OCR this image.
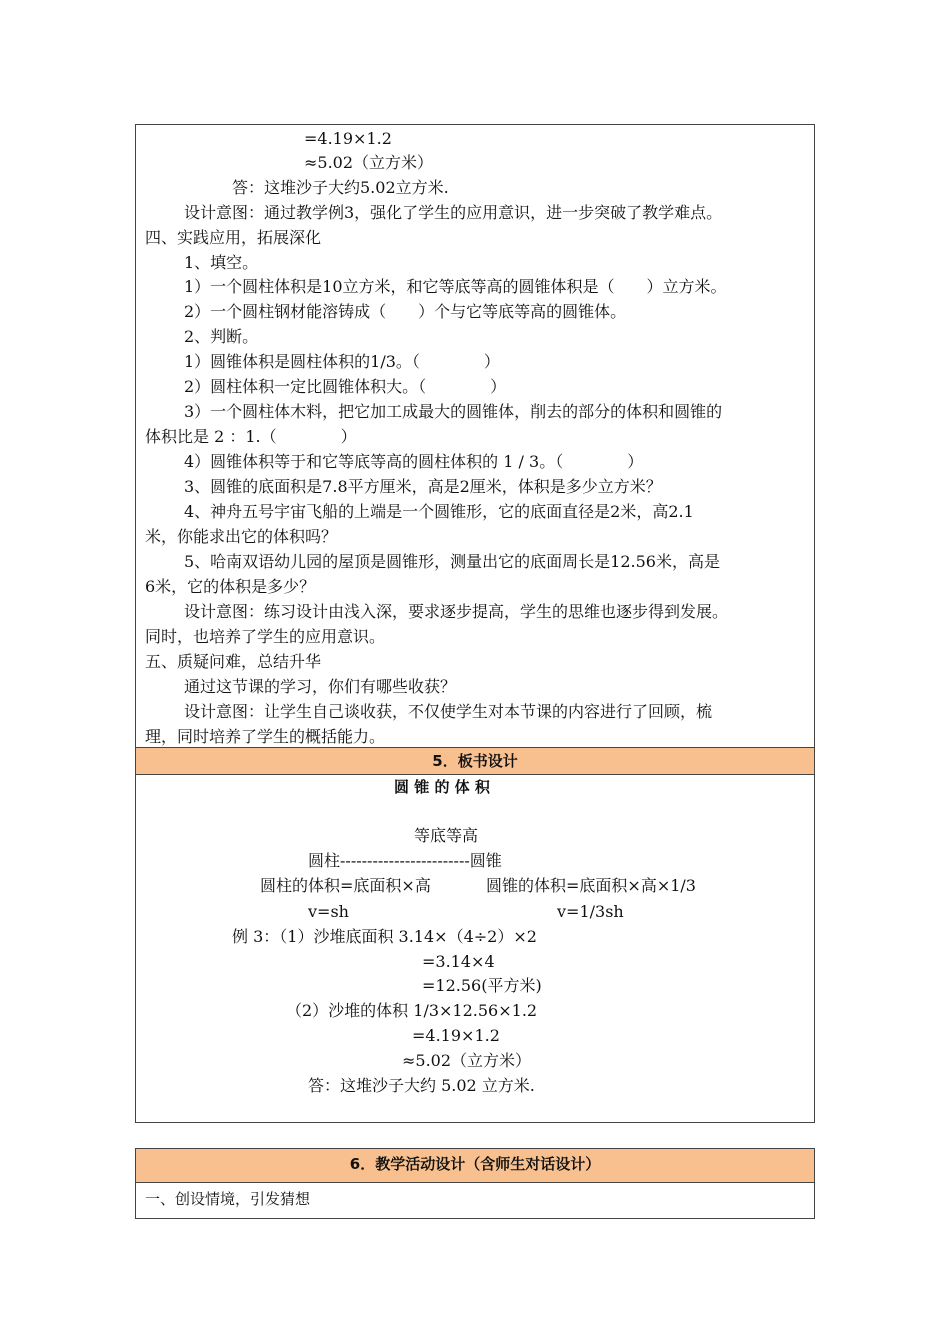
=4.19×1.2
≈5.02（立方米）
答：这堆沙子大约5.02立方米.
设计意图：通过教学例3，强化了学生的应用意识，进一步突破了教学难点。
四、实践应用，拓展深化
1、填空。
1）一个圆柱体积是10立方米，和它等底等高的圆锥体积是（　　）立方米。
2）一个圆柱钢材能溶铸成（　　）个与它等底等高的圆锥体。
2、判断。
1）圆锥体积是圆柱体积的1/3。（　　　　）
2）圆柱体积一定比圆锥体积大。（　　　　）
3）一个圆柱体木料，把它加工成最大的圆锥体，削去的部分的体积和圆锥的
体积比是 2 ：1.（　　　　）
4）圆锥体积等于和它等底等高的圆柱体积的 1 / 3。（　　　　）
3、圆锥的底面积是7.8平方厘米，高是2厘米，体积是多少立方米？
4、神舟五号宇宙飞船的上端是一个圆锥形，它的底面直径是2米，高2.1
米，你能求出它的体积吗？
5、哈南双语幼儿园的屋顶是圆锥形，测量出它的底面周长是12.56米，高是
6米，它的体积是多少？
设计意图：练习设计由浅入深，要求逐步提高，学生的思维也逐步得到发展。
同时，也培养了学生的应用意识。
五、质疑问难，总结升华
通过这节课的学习，你们有哪些收获？
设计意图：让学生自己谈收获，不仅使学生对本节课的内容进行了回顾，梳
理，同时培养了学生的概括能力。
5．板书设计
圆 锥 的 体 积
等底等高
圆柱------------------------圆锥
圆柱的体积=底面积×高	圆锥的体积=底面积×高×1/3
v=sh	v=1/3sh
例 3：（1）沙堆底面积 3.14×（4÷2）×2
=3.14×4
=12.56(平方米)
（2）沙堆的体积 1/3×12.56×1.2
=4.19×1.2
≈5.02（立方米）
答：这堆沙子大约 5.02 立方米.
6．教学活动设计（含师生对话设计）
一、创设情境，引发猜想
